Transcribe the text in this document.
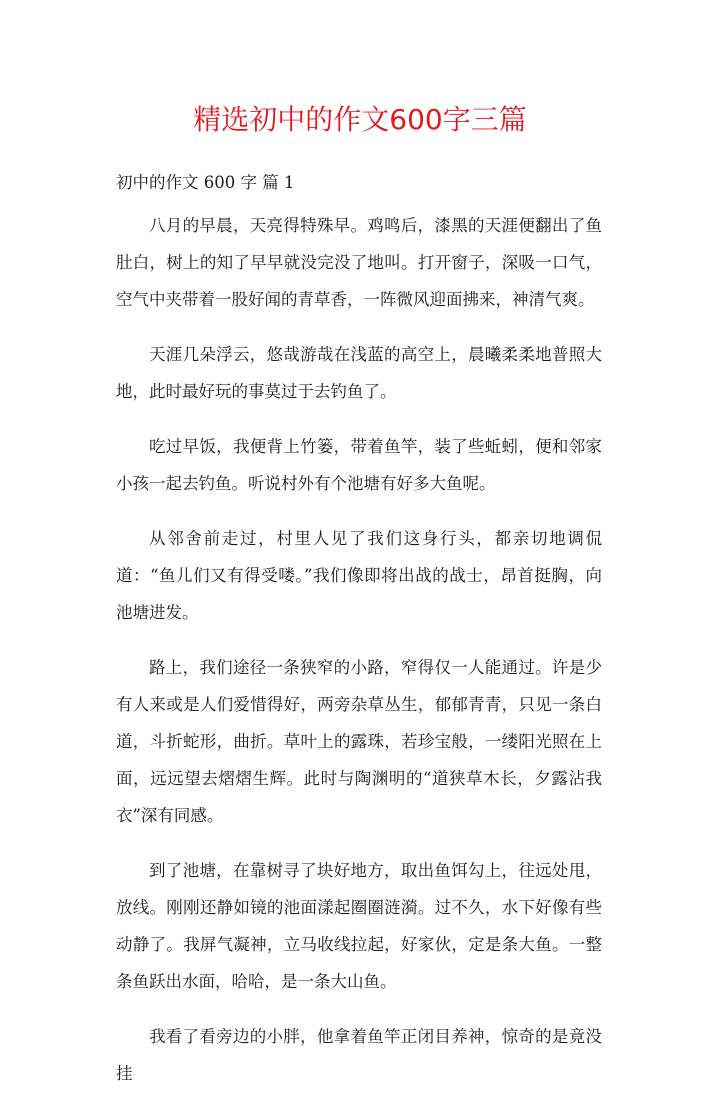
精选初中的作文600字三篇
初中的作文 600 字 篇 1

八月的早晨，天亮得特殊早。鸡鸣后，漆黑的天涯便翻出了鱼肚白，树上的知了早早就没完没了地叫。打开窗子，深吸一口气，空气中夹带着一股好闻的青草香，一阵微风迎面拂来，神清气爽。

天涯几朵浮云，悠哉游哉在浅蓝的高空上，晨曦柔柔地普照大地，此时最好玩的事莫过于去钓鱼了。

吃过早饭，我便背上竹篓，带着鱼竿，装了些蚯蚓，便和邻家小孩一起去钓鱼。听说村外有个池塘有好多大鱼呢。

从邻舍前走过，村里人见了我们这身行头，都亲切地调侃道：“鱼儿们又有得受喽。”我们像即将出战的战士，昂首挺胸，向池塘进发。

路上，我们途径一条狭窄的小路，窄得仅一人能通过。许是少有人来或是人们爱惜得好，两旁杂草丛生，郁郁青青，只见一条白道，斗折蛇形，曲折。草叶上的露珠，若珍宝般，一缕阳光照在上面，远远望去熠熠生辉。此时与陶渊明的“道狭草木长，夕露沾我衣”深有同感。

到了池塘，在靠树寻了块好地方，取出鱼饵勾上，往远处甩，放线。刚刚还静如镜的池面漾起圈圈涟漪。过不久，水下好像有些动静了。我屏气凝神，立马收线拉起，好家伙，定是条大鱼。一整条鱼跃出水面，哈哈，是一条大山鱼。

我看了看旁边的小胖，他拿着鱼竿正闭目养神，惊奇的是竟没挂
